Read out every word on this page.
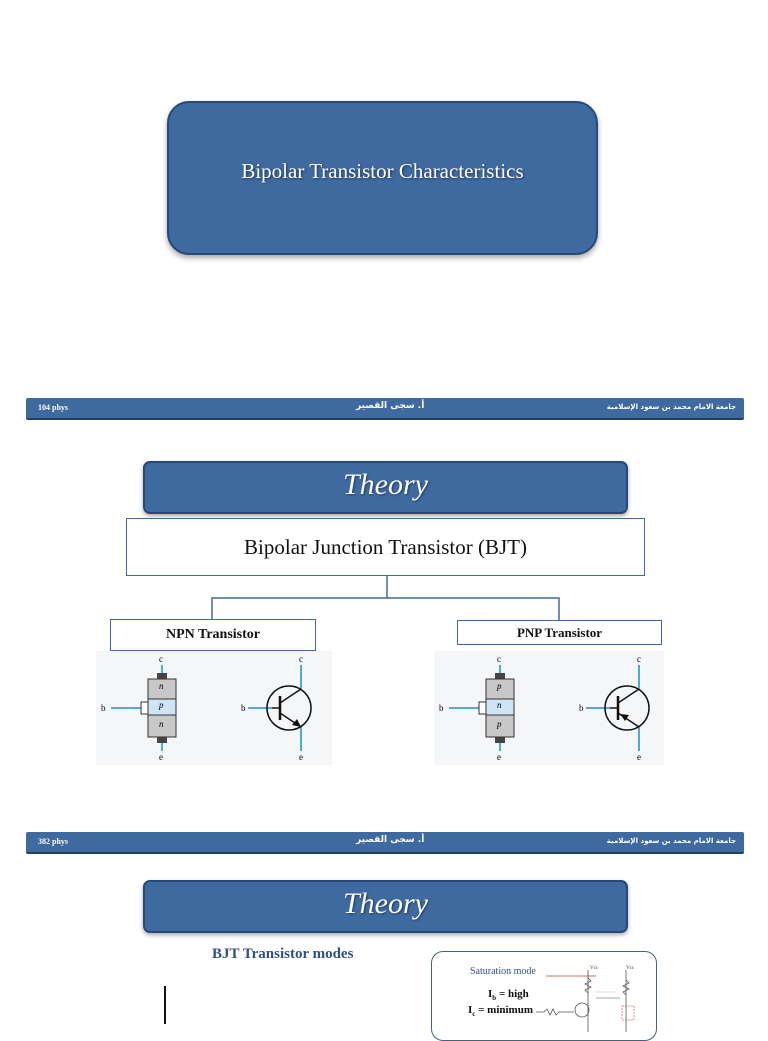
Bipolar Transistor Characteristics
104 phys	أ. سجى القصير	جامعة الامام محمد بن سعود الإسلامية
Theory
Bipolar Junction Transistor (BJT)
NPN Transistor	PNP Transistor
n
p
n
c
b
e
c
b
e
p
n
p
c
b
e
c
b
e
382 phys	أ. سجى القصير	جامعة الامام محمد بن سعود الإسلامية
Theory
BJT Transistor modes
Saturation mode
$I_b$ = high
$I_c$ = minimum
Vcc	Vcc
